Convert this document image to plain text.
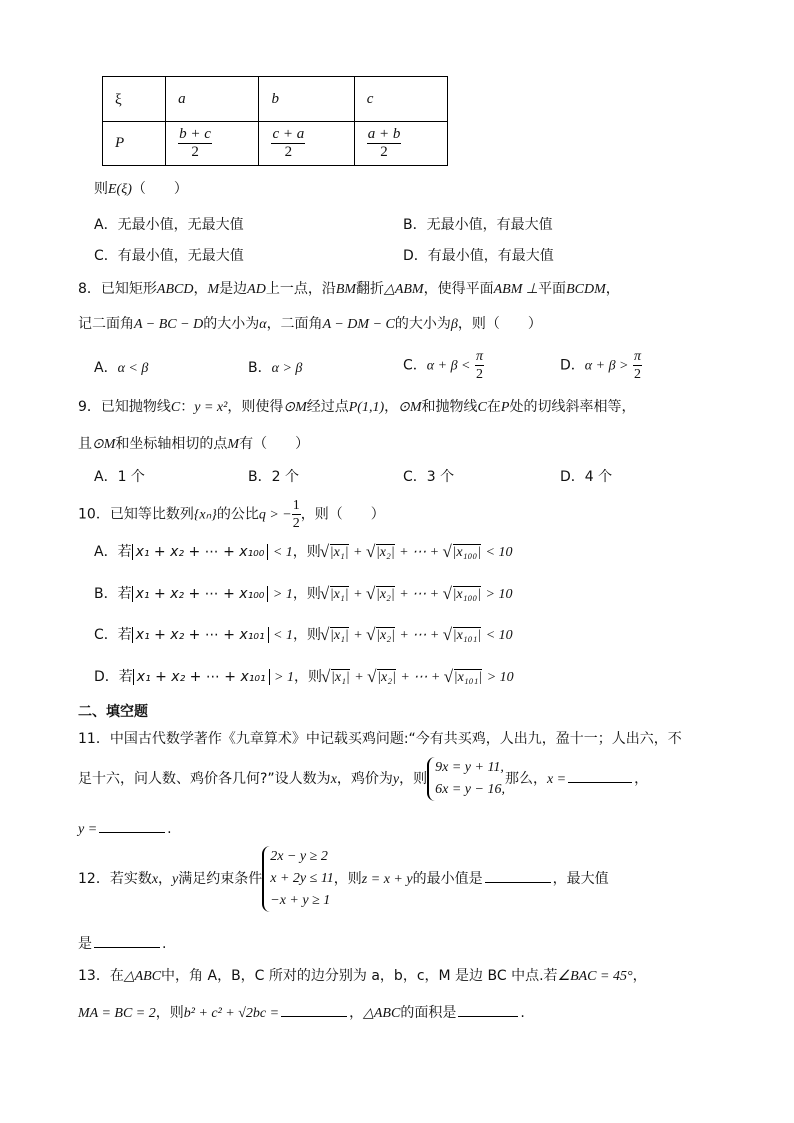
ξ	a	b	c
P	$\frac{b + c}{2}$	$\frac{c + a}{2}$	$\frac{a + b}{2}$
则E(ξ)（　　）
A．无最小值，无最大值	B．无最小值，有最大值
C．有最小值，无最大值	D．有最小值，有最大值
8．已知矩形ABCD，M是边AD上一点，沿BM翻折△ABM，使得平面ABM ⊥平面BCDM，
记二面角A − BC − D的大小为α，二面角A − DM − C的大小为β，则（　　）
A．α < β	B．α > β	C．$\alpha + \beta < \frac{\pi}{2}$	D．$\alpha + \beta > \frac{\pi}{2}$
9．已知抛物线C：y = x²，则使得⊙M经过点P(1,1)，⊙M和抛物线C在P处的切线斜率相等，
且⊙M和坐标轴相切的点M有（　　）
A．1 个	B．2 个	C．3 个	D．4 个
10．已知等比数列{xₙ}的公比q > − $\frac{1}{2}$ ，则（　　）
A．若 x₁ + x₂ + ⋯ + x₁₀₀ < 1，则 √ |x₁| + √ |x₂| + ⋯ + √ |x₁₀₀| < 10
B．若 x₁ + x₂ + ⋯ + x₁₀₀ > 1，则 √ |x₁| + √ |x₂| + ⋯ + √ |x₁₀₀| > 10
C．若 x₁ + x₂ + ⋯ + x₁₀₁ < 1，则 √ |x₁| + √ |x₂| + ⋯ + √ |x₁₀₁| < 10
D．若 x₁ + x₂ + ⋯ + x₁₀₁ > 1，则 √ |x₁| + √ |x₂| + ⋯ + √ |x₁₀₁| > 10
二、填空题
11．中国古代数学著作《九章算术》中记载买鸡问题:“今有共买鸡，人出九，盈十一；人出六，不
足十六，问人数、鸡价各几何?”设人数为x，鸡价为y，则
9x = y + 11,
6x = y − 16,
那么，x =	，
y =	.
12．若实数x，y满足约束条件
2x − y ≥ 2
x + 2y ≤ 11
−x + y ≥ 1
，则z = x + y的最小值是	，最大值
是	.
13．在△ABC中，角 A，B，C 所对的边分别为 a，b，c，M 是边 BC 中点.若∠BAC = 45°，
MA = BC = 2，则b² + c² + √2bc =	，△ABC的面积是	.
